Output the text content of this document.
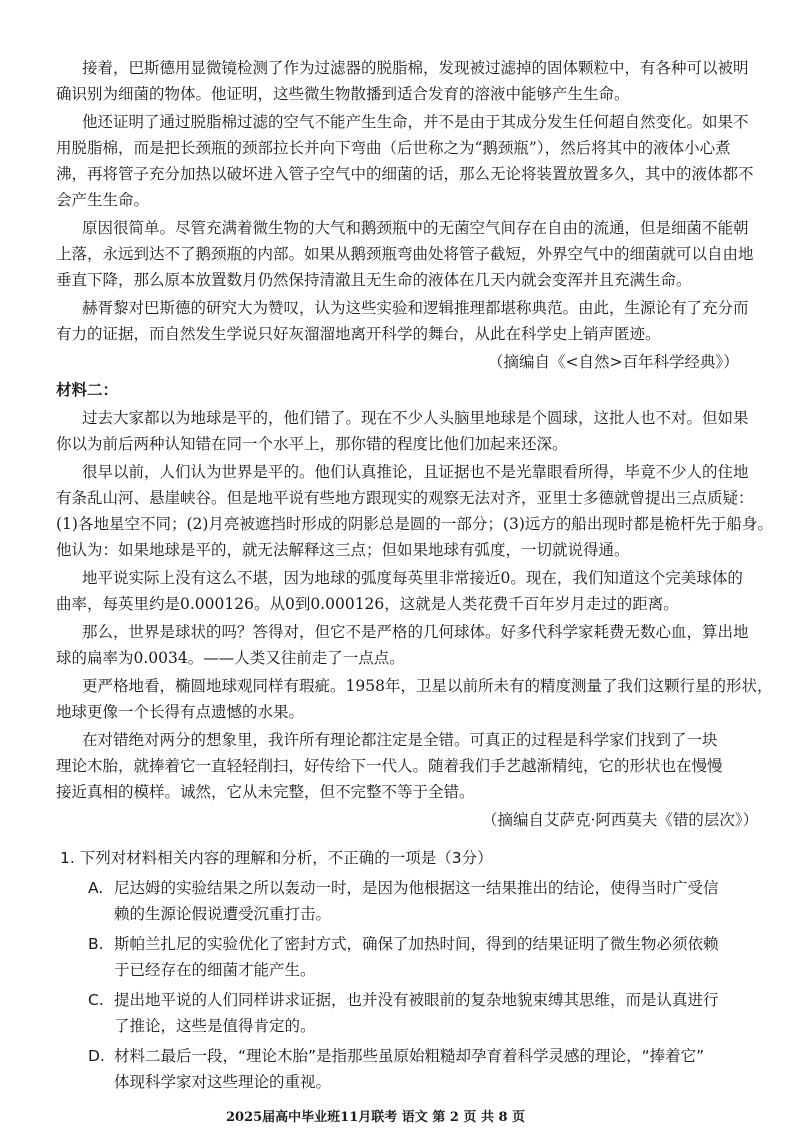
接着，巴斯德用显微镜检测了作为过滤器的脱脂棉，发现被过滤掉的固体颗粒中，有各种可以被明
确识别为细菌的物体。他证明，这些微生物散播到适合发育的溶液中能够产生生命。
他还证明了通过脱脂棉过滤的空气不能产生生命，并不是由于其成分发生任何超自然变化。如果不
用脱脂棉，而是把长颈瓶的颈部拉长并向下弯曲（后世称之为“鹅颈瓶”），然后将其中的液体小心煮
沸，再将管子充分加热以破坏进入管子空气中的细菌的话，那么无论将装置放置多久，其中的液体都不
会产生生命。
原因很简单。尽管充满着微生物的大气和鹅颈瓶中的无菌空气间存在自由的流通，但是细菌不能朝
上落，永远到达不了鹅颈瓶的内部。如果从鹅颈瓶弯曲处将管子截短，外界空气中的细菌就可以自由地
垂直下降，那么原本放置数月仍然保持清澈且无生命的液体在几天内就会变浑并且充满生命。
赫胥黎对巴斯德的研究大为赞叹，认为这些实验和逻辑推理都堪称典范。由此，生源论有了充分而
有力的证据，而自然发生学说只好灰溜溜地离开科学的舞台，从此在科学史上销声匿迹。
（摘编自《<自然>百年科学经典》）
材料二：
过去大家都以为地球是平的，他们错了。现在不少人头脑里地球是个圆球，这批人也不对。但如果
你以为前后两种认知错在同一个水平上，那你错的程度比他们加起来还深。
很早以前，人们认为世界是平的。他们认真推论，且证据也不是光靠眼看所得，毕竟不少人的住地
有条乱山河、悬崖峡谷。但是地平说有些地方跟现实的观察无法对齐，亚里士多德就曾提出三点质疑：
(1)各地星空不同；(2)月亮被遮挡时形成的阴影总是圆的一部分；(3)远方的船出现时都是桅杆先于船身。
他认为：如果地球是平的，就无法解释这三点；但如果地球有弧度，一切就说得通。
地平说实际上没有这么不堪，因为地球的弧度每英里非常接近0。现在，我们知道这个完美球体的
曲率，每英里约是0.000126。从0到0.000126，这就是人类花费千百年岁月走过的距离。
那么，世界是球状的吗？答得对，但它不是严格的几何球体。好多代科学家耗费无数心血，算出地
球的扁率为0.0034。——人类又往前走了一点点。
更严格地看，椭圆地球观同样有瑕疵。1958年，卫星以前所未有的精度测量了我们这颗行星的形状，
地球更像一个长得有点遗憾的水果。
在对错绝对两分的想象里，我许所有理论都注定是全错。可真正的过程是科学家们找到了一块
理论木胎，就捧着它一直轻轻削扫，好传给下一代人。随着我们手艺越渐精纯，它的形状也在慢慢
接近真相的模样。诚然，它从未完整，但不完整不等于全错。
（摘编自艾萨克·阿西莫夫《错的层次》）
1. 下列对材料相关内容的理解和分析，不正确的一项是（3分）
A. 尼达姆的实验结果之所以轰动一时，是因为他根据这一结果推出的结论，使得当时广受信
赖的生源论假说遭受沉重打击。
B. 斯帕兰扎尼的实验优化了密封方式，确保了加热时间，得到的结果证明了微生物必须依赖
于已经存在的细菌才能产生。
C. 提出地平说的人们同样讲求证据，也并没有被眼前的复杂地貌束缚其思维，而是认真进行
了推论，这些是值得肯定的。
D. 材料二最后一段，“理论木胎”是指那些虽原始粗糙却孕育着科学灵感的理论，“捧着它”
体现科学家对这些理论的重视。
2025届高中毕业班11月联考 语文 第 2 页 共 8 页
